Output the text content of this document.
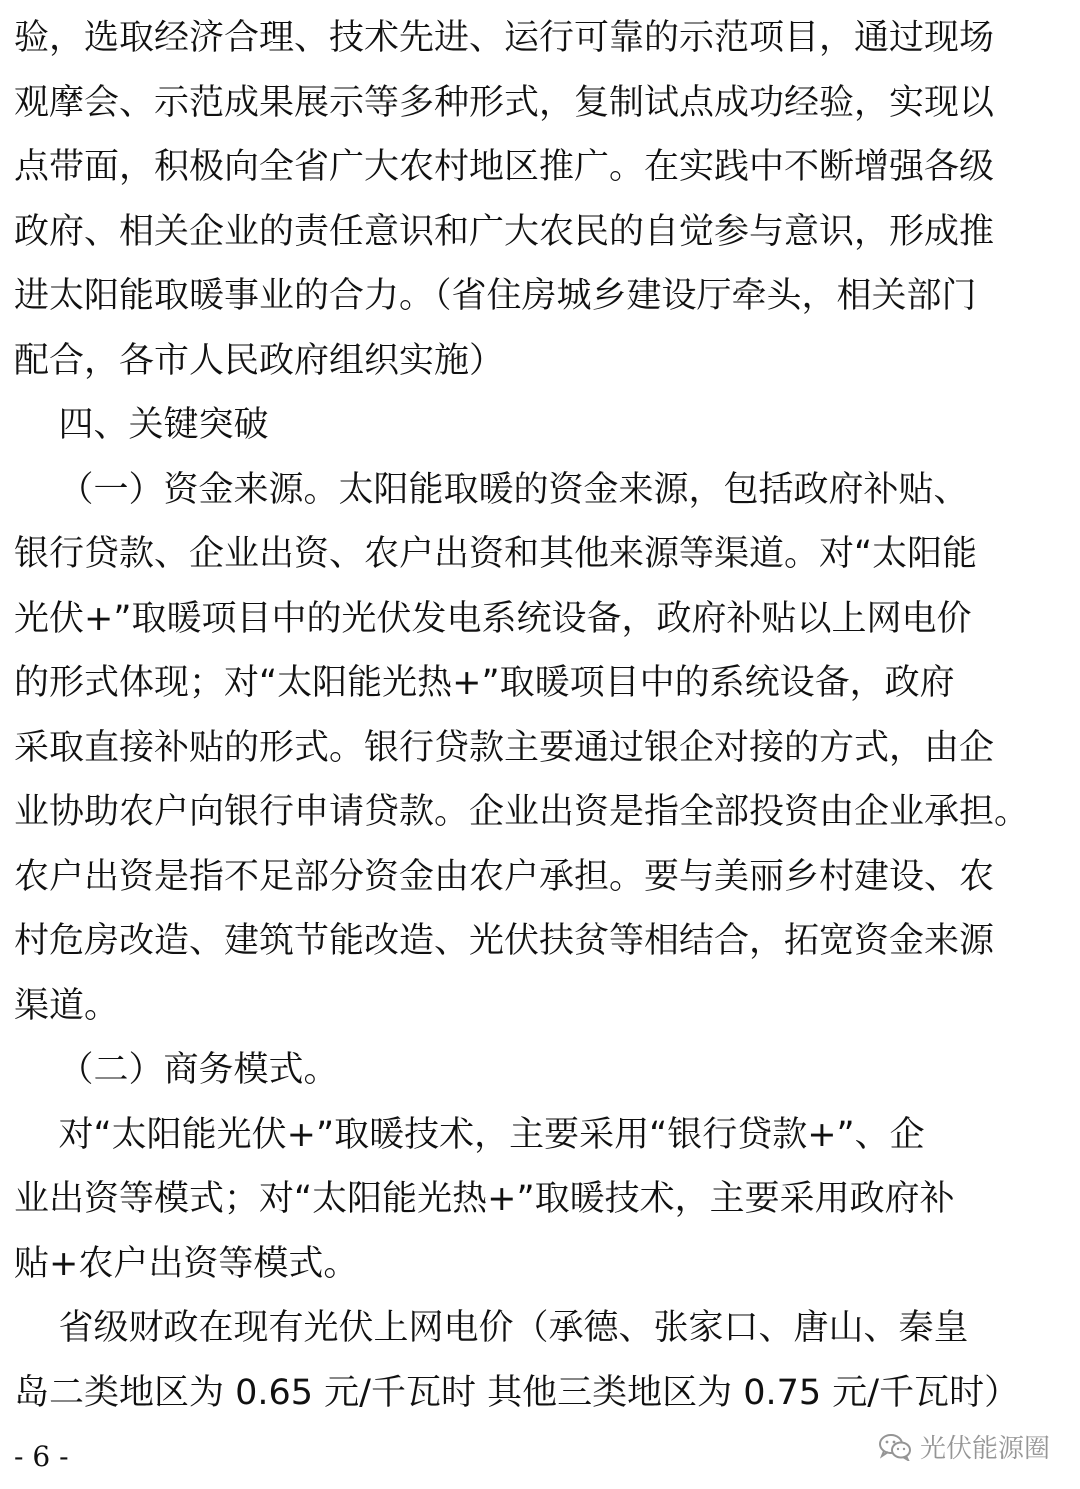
验，选取经济合理、技术先进、运行可靠的示范项目，通过现场
观摩会、示范成果展示等多种形式，复制试点成功经验，实现以
点带面，积极向全省广大农村地区推广。在实践中不断增强各级
政府、相关企业的责任意识和广大农民的自觉参与意识，形成推
进太阳能取暖事业的合力。（省住房城乡建设厅牵头，相关部门
配合，各市人民政府组织实施）
四、关键突破
（一）资金来源。太阳能取暖的资金来源，包括政府补贴、
银行贷款、企业出资、农户出资和其他来源等渠道。对“太阳能
光伏+”取暖项目中的光伏发电系统设备，政府补贴以上网电价
的形式体现；对“太阳能光热+”取暖项目中的系统设备，政府
采取直接补贴的形式。银行贷款主要通过银企对接的方式，由企
业协助农户向银行申请贷款。企业出资是指全部投资由企业承担。
农户出资是指不足部分资金由农户承担。要与美丽乡村建设、农
村危房改造、建筑节能改造、光伏扶贫等相结合，拓宽资金来源
渠道。
（二）商务模式。
对“太阳能光伏+”取暖技术，主要采用“银行贷款+”、企
业出资等模式；对“太阳能光热+”取暖技术，主要采用政府补
贴+农户出资等模式。
省级财政在现有光伏上网电价（承德、张家口、唐山、秦皇
岛二类地区为 0.65 元/千瓦时 其他三类地区为 0.75 元/千瓦时）
- 6 -	光伏能源圈
